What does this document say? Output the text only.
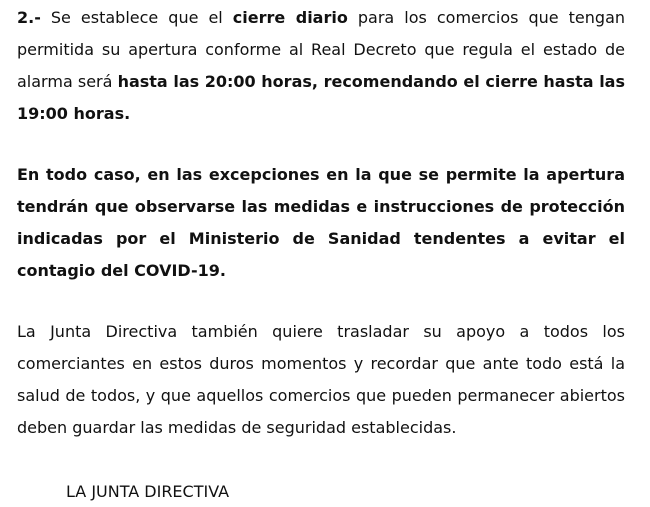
2.- Se establece que el cierre diario para los comercios que tengan permitida su apertura conforme al Real Decreto que regula el estado de alarma será hasta las 20:00 horas, recomendando el cierre hasta las 19:00 horas.

En todo caso, en las excepciones en la que se permite la apertura tendrán que observarse las medidas e instrucciones de protección indicadas por el Ministerio de Sanidad tendentes a evitar el contagio del COVID-19.

La Junta Directiva también quiere trasladar su apoyo a todos los comerciantes en estos duros momentos y recordar que ante todo está la salud de todos, y que aquellos comercios que pueden permanecer abiertos deben guardar las medidas de seguridad establecidas.

LA JUNTA DIRECTIVA
